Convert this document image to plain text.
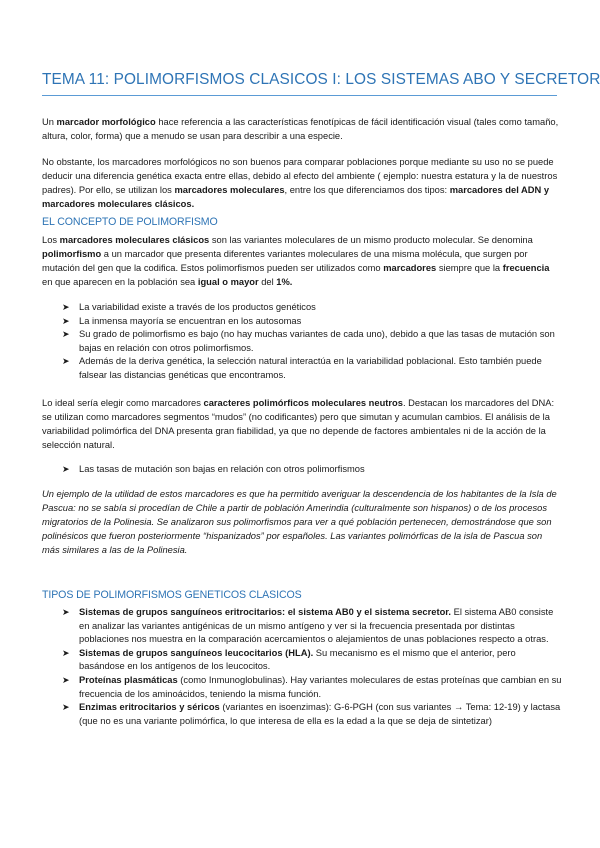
TEMA 11: POLIMORFISMOS CLASICOS I: LOS SISTEMAS ABO Y SECRETOR

Un marcador morfológico hace referencia a las características fenotípicas de fácil identificación visual (tales como tamaño, altura, color, forma) que a menudo se usan para describir a una especie.

No obstante, los marcadores morfológicos no son buenos para comparar poblaciones porque mediante su uso no se puede deducir una diferencia genética exacta entre ellas, debido al efecto del ambiente ( ejemplo: nuestra estatura y la de nuestros padres). Por ello, se utilizan los marcadores moleculares, entre los que diferenciamos dos tipos: marcadores del ADN y marcadores moleculares clásicos.

EL CONCEPTO DE POLIMORFISMO

Los marcadores moleculares clásicos son las variantes moleculares de un mismo producto molecular. Se denomina polimorfismo a un marcador que presenta diferentes variantes moleculares de una misma molécula, que surgen por mutación del gen que la codifica. Estos polimorfismos pueden ser utilizados como marcadores siempre que la frecuencia en que aparecen en la población sea igual o mayor del 1%.

➤ La variabilidad existe a través de los productos genéticos
➤ La inmensa mayoría se encuentran en los autosomas
➤ Su grado de polimorfismo es bajo (no hay muchas variantes de cada uno), debido a que las tasas de mutación son bajas en relación con otros polimorfismos.
➤ Además de la deriva genética, la selección natural interactúa en la variabilidad poblacional. Esto también puede falsear las distancias genéticas que encontramos.

Lo ideal sería elegir como marcadores caracteres polimórficos moleculares neutros. Destacan los marcadores del DNA: se utilizan como marcadores segmentos “mudos” (no codificantes) pero que simutan y acumulan cambios. El análisis de la variabilidad polimórfica del DNA presenta gran fiabilidad, ya que no depende de factores ambientales ni de la acción de la selección natural.

➤ Las tasas de mutación son bajas en relación con otros polimorfismos

Un ejemplo de la utilidad de estos marcadores es que ha permitido averiguar la descendencia de los habitantes de la Isla de Pascua: no se sabía si procedían de Chile a partir de población Amerindia (culturalmente son hispanos) o de los procesos migratorios de la Polinesia. Se analizaron sus polimorfismos para ver a qué población pertenecen, demostrándose que son polinésicos que fueron posteriormente “hispanizados” por españoles. Las variantes polimórficas de la isla de Pascua son más similares a las de la Polinesia.

TIPOS DE POLIMORFISMOS GENETICOS CLASICOS
➤ Sistemas de grupos sanguíneos eritrocitarios: el sistema AB0 y el sistema secretor. El sistema AB0 consiste en analizar las variantes antigénicas de un mismo antígeno y ver si la frecuencia presentada por distintas poblaciones nos muestra en la comparación acercamientos o alejamientos de unas poblaciones respecto a otras.
➤ Sistemas de grupos sanguíneos leucocitarios (HLA). Su mecanismo es el mismo que el anterior, pero basándose en los antígenos de los leucocitos.
➤ Proteínas plasmáticas (como Inmunoglobulinas). Hay variantes moleculares de estas proteínas que cambian en su frecuencia de los aminoácidos, teniendo la misma función.
➤ Enzimas eritrocitarios y séricos (variantes en isoenzimas): G-6-PGH (con sus variantes → Tema: 12-19) y lactasa (que no es una variante polimórfica, lo que interesa de ella es la edad a la que se deja de sintetizar)
